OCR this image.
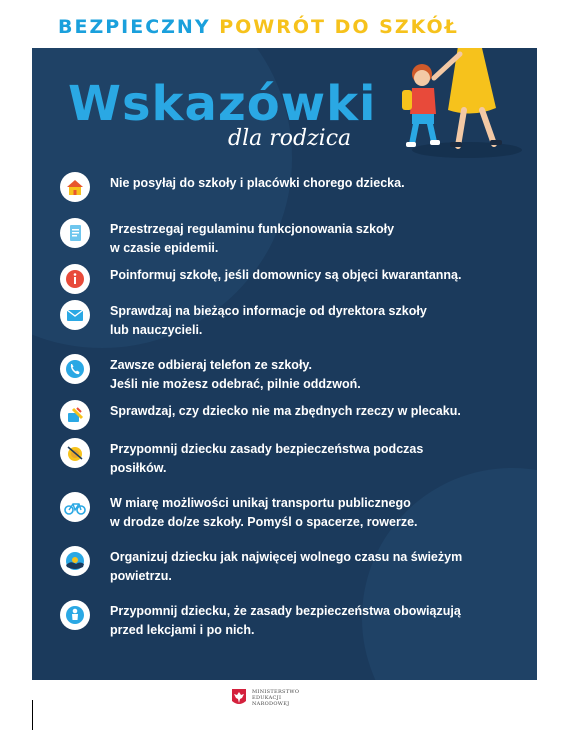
BEZPIECZNY POWRÓT DO SZKÓŁ
Wskazówki
dla rodzica
Nie posyłaj do szkoły i placówki chorego dziecka.
Przestrzegaj regulaminu funkcjonowania szkoły
w czasie epidemii.
Poinformuj szkołę, jeśli domownicy są objęci kwarantanną.
Sprawdzaj na bieżąco informacje od dyrektora szkoły
lub nauczycieli.
Zawsze odbieraj telefon ze szkoły.
Jeśli nie możesz odebrać, pilnie oddzwoń.
Sprawdzaj, czy dziecko nie ma zbędnych rzeczy w plecaku.
Przypomnij dziecku zasady bezpieczeństwa podczas
posiłków.
W miarę możliwości unikaj transportu publicznego
w drodze do/ze szkoły. Pomyśl o spacerze, rowerze.
Organizuj dziecku jak najwięcej wolnego czasu na świeżym
powietrzu.
Przypomnij dziecku, że zasady bezpieczeństwa obowiązują
przed lekcjami i po nich.
MINISTERSTWO
EDUKACJI
NARODOWEJ
